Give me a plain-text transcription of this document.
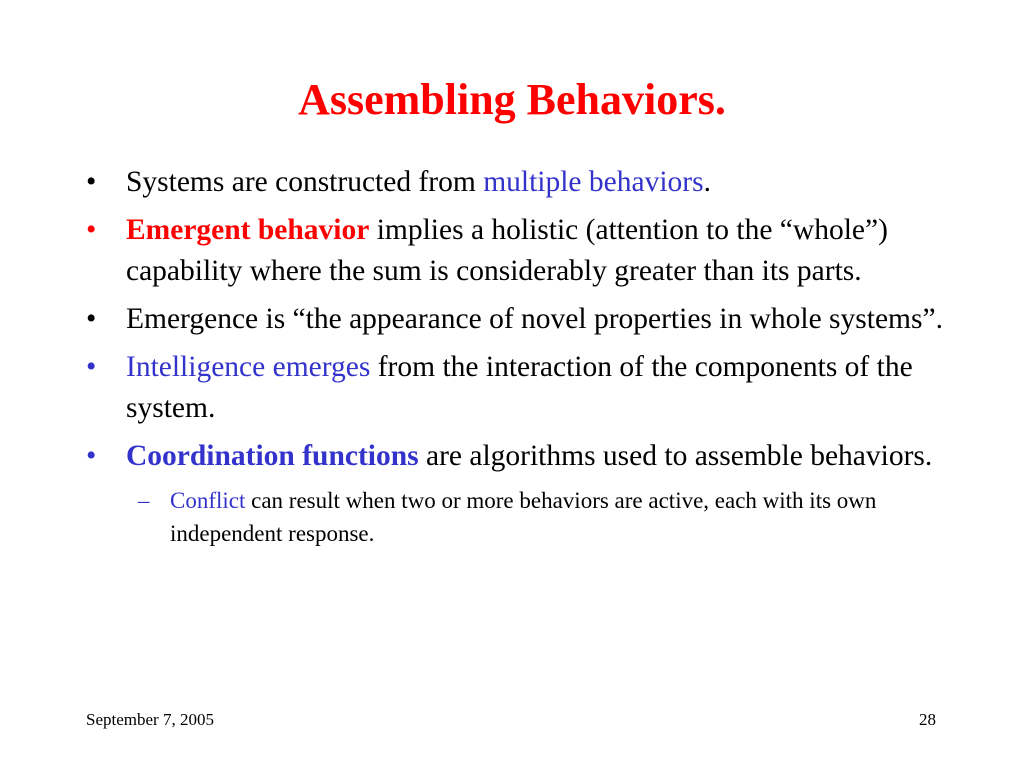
Assembling Behaviors.
• Systems are constructed from multiple behaviors.
• Emergent behavior implies a holistic (attention to the “whole”) capability where the sum is considerably greater than its parts.
• Emergence is “the appearance of novel properties in whole systems”.
• Intelligence emerges from the interaction of the components of the system.
• Coordination functions are algorithms used to assemble behaviors.
– Conflict can result when two or more behaviors are active, each with its own independent response.
September 7, 2005	28
